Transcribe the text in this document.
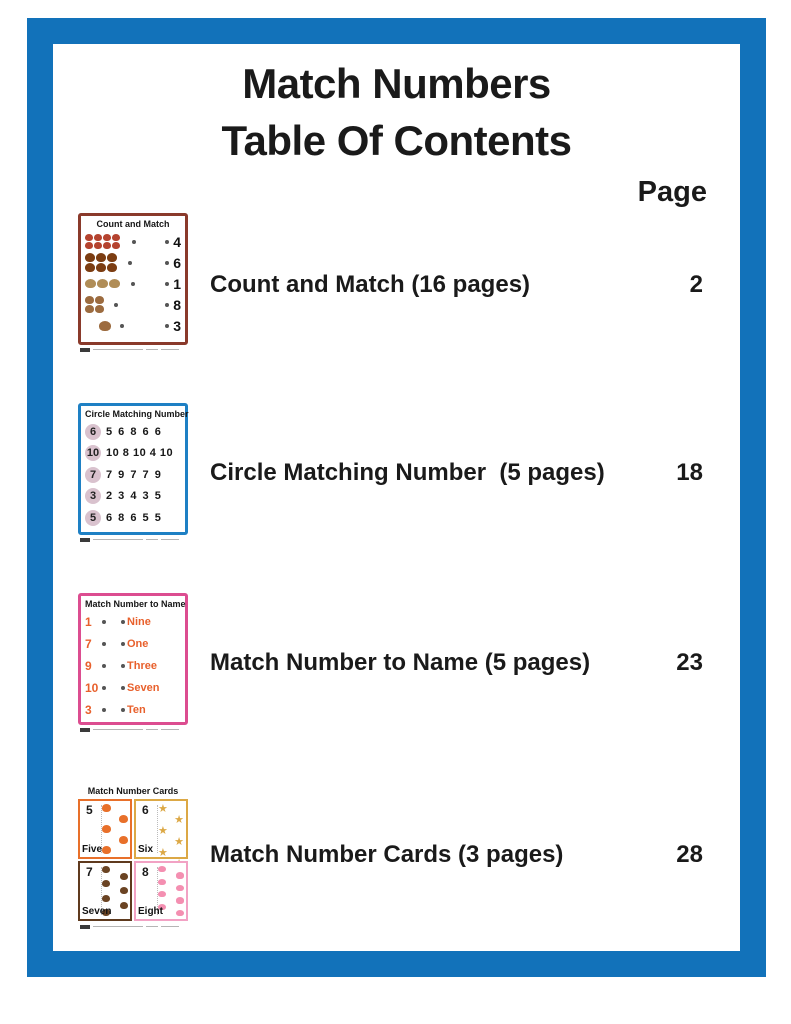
Match Numbers
Table Of Contents
Page
Count and Match
4
6
1
8
3
Count and Match (16 pages)	2
Circle Matching Number
6 5 6 8 6 6
10 10 8 10 4 10
7 7 9 7 7 9
3 2 3 4 3 5
5 6 8 6 5 5
Circle Matching Number  (5 pages)	18
Match Number to Name
1	Nine
7	One
9	Three
10	Seven
3	Ten
Match Number to Name (5 pages)	23
Match Number Cards
5
Five
6 ★
★
★
★
★
Six
7
Seven
8
Eight
Match Number Cards (3 pages)	28
